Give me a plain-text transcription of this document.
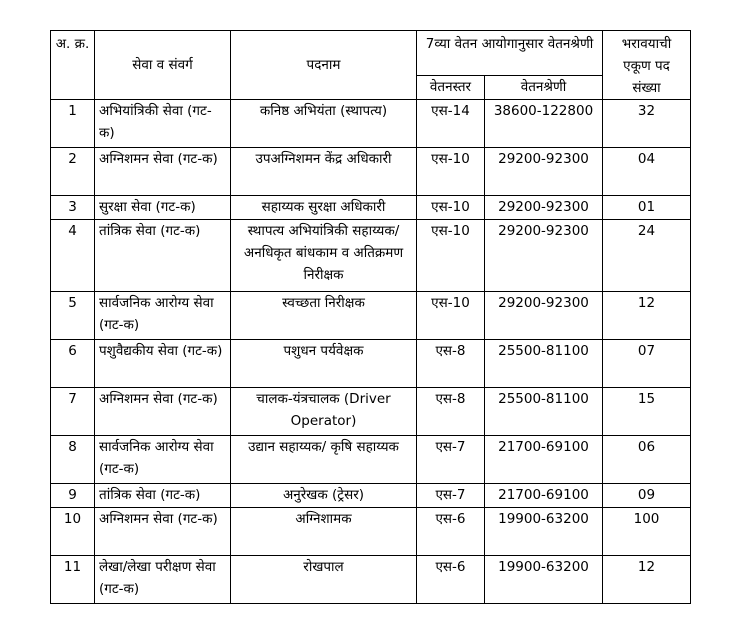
अ. क्र.	सेवा व संवर्ग	पदनाम	7व्या वेतन आयोगानुसार वेतनश्रेणी		भरावयाची एकूण पद संख्या
			वेतनस्तर	वेतनश्रेणी	
1	अभियांत्रिकी सेवा (गट-क)	कनिष्ठ अभियंता (स्थापत्य)	एस-14	38600-122800	32
2	अग्निशमन सेवा (गट-क)	उपअग्निशमन केंद्र अधिकारी	एस-10	29200-92300	04
3	सुरक्षा सेवा (गट-क)	सहाय्यक सुरक्षा अधिकारी	एस-10	29200-92300	01
4	तांत्रिक सेवा (गट-क)	स्थापत्य अभियांत्रिकी सहाय्यक/अनधिकृत बांधकाम व अतिक्रमण निरीक्षक	एस-10	29200-92300	24
5	सार्वजनिक आरोग्य सेवा (गट-क)	स्वच्छता निरीक्षक	एस-10	29200-92300	12
6	पशुवैद्यकीय सेवा (गट-क)	पशुधन पर्यवेक्षक	एस-8	25500-81100	07
7	अग्निशमन सेवा (गट-क)	चालक-यंत्रचालक (Driver Operator)	एस-8	25500-81100	15
8	सार्वजनिक आरोग्य सेवा (गट-क)	उद्यान सहाय्यक/ कृषि सहाय्यक	एस-7	21700-69100	06
9	तांत्रिक सेवा (गट-क)	अनुरेखक (ट्रेसर)	एस-7	21700-69100	09
10	अग्निशमन सेवा (गट-क)	अग्निशामक	एस-6	19900-63200	100
11	लेखा/लेखा परीक्षण सेवा (गट-क)	रोखपाल	एस-6	19900-63200	12
